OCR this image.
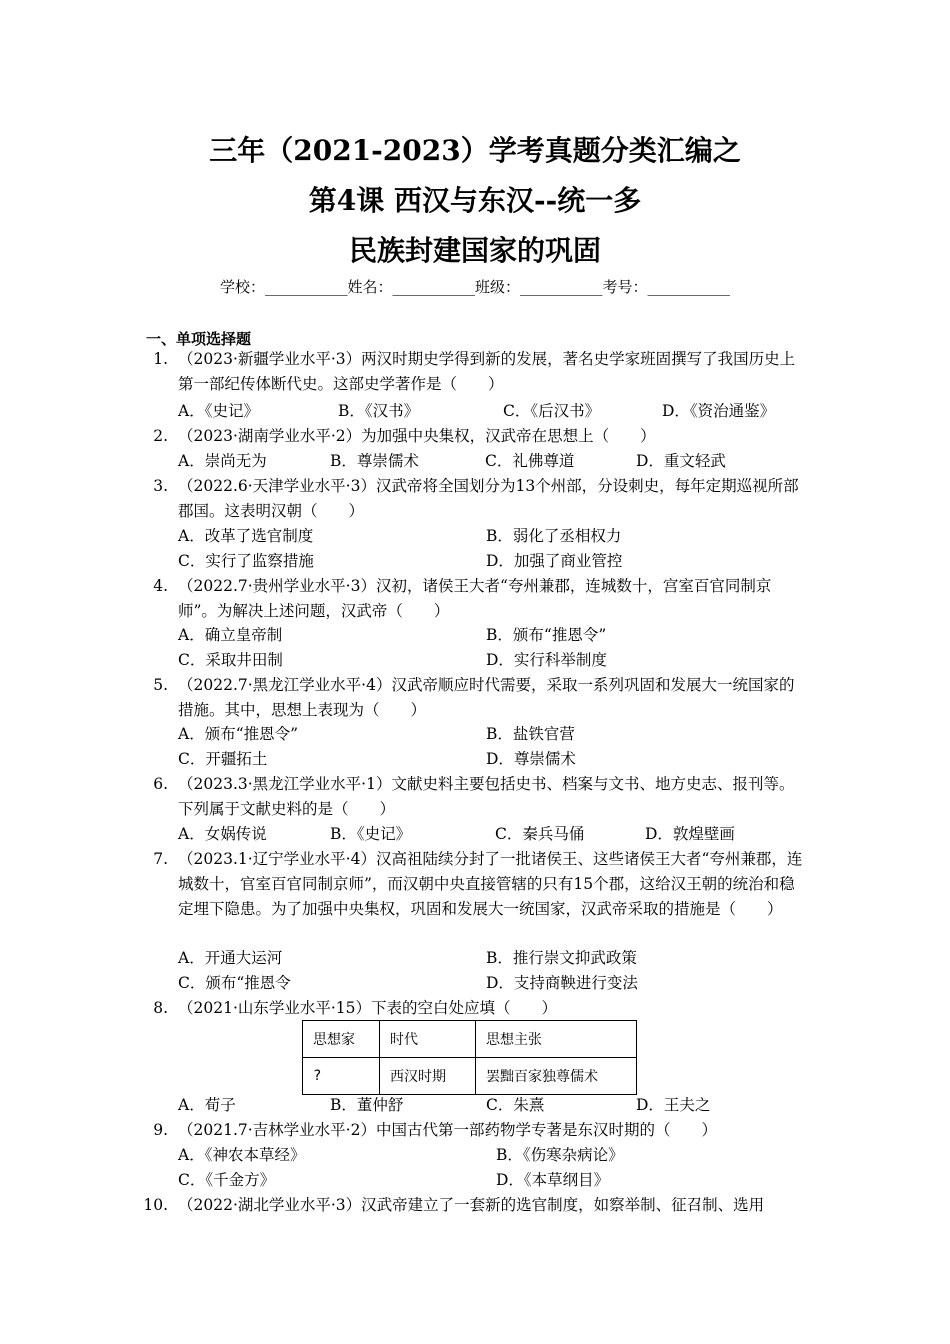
三年（2021-2023）学考真题分类汇编之
第4课 西汉与东汉--统一多
民族封建国家的巩固
学校：___________姓名：___________班级：___________考号：___________
一、单项选择题
1. （2023·新疆学业水平·3）两汉时期史学得到新的发展，著名史学家班固撰写了我国历史上第一部纪传体断代史。这部史学著作是（　　）
A．《史记》	B．《汉书》	C．《后汉书》	D．《资治通鉴》
2. （2023·湖南学业水平·2）为加强中央集权，汉武帝在思想上（　　）
A．崇尚无为	B．尊崇儒术	C．礼佛尊道	D．重文轻武
3. （2022.6·天津学业水平·3）汉武帝将全国划分为13个州部，分设刺史，每年定期巡视所部郡国。这表明汉朝（　　）
A．改革了选官制度	B．弱化了丞相权力
C．实行了监察措施	D．加强了商业管控
4. （2022.7·贵州学业水平·3）汉初，诸侯王大者“夸州兼郡，连城数十，宫室百官同制京师”。为解决上述问题，汉武帝（　　）
A．确立皇帝制	B．颁布“推恩令”
C．采取井田制	D．实行科举制度
5. （2022.7·黑龙江学业水平·4）汉武帝顺应时代需要，采取一系列巩固和发展大一统国家的措施。其中，思想上表现为（　　）
A．颁布“推恩令”	B．盐铁官营
C．开疆拓土	D．尊崇儒术
6. （2023.3·黑龙江学业水平·1）文献史料主要包括史书、档案与文书、地方史志、报刊等。下列属于文献史料的是（　　）
A．女娲传说	B．《史记》	C．秦兵马俑	D．敦煌壁画
7. （2023.1·辽宁学业水平·4）汉高祖陆续分封了一批诸侯王、这些诸侯王大者“夸州兼郡，连城数十，官室百官同制京师”，而汉朝中央直接管辖的只有15个郡，这给汉王朝的统治和稳定埋下隐患。为了加强中央集权，巩固和发展大一统国家，汉武帝采取的措施是（　　）
A．开通大运河	B．推行崇文抑武政策
C．颁布“推恩令	D．支持商鞅进行变法
8. （2021·山东学业水平·15）下表的空白处应填（　　）
思想家	时代	思想主张
?	西汉时期	罢黜百家独尊儒术
A．荀子	B．董仲舒	C．朱熹	D．王夫之
9. （2021.7·吉林学业水平·2）中国古代第一部药物学专著是东汉时期的（　　）
A．《神农本草经》	B．《伤寒杂病论》
C．《千金方》	D．《本草纲目》
10. （2022·湖北学业水平·3）汉武帝建立了一套新的选官制度，如察举制、征召制、选用
